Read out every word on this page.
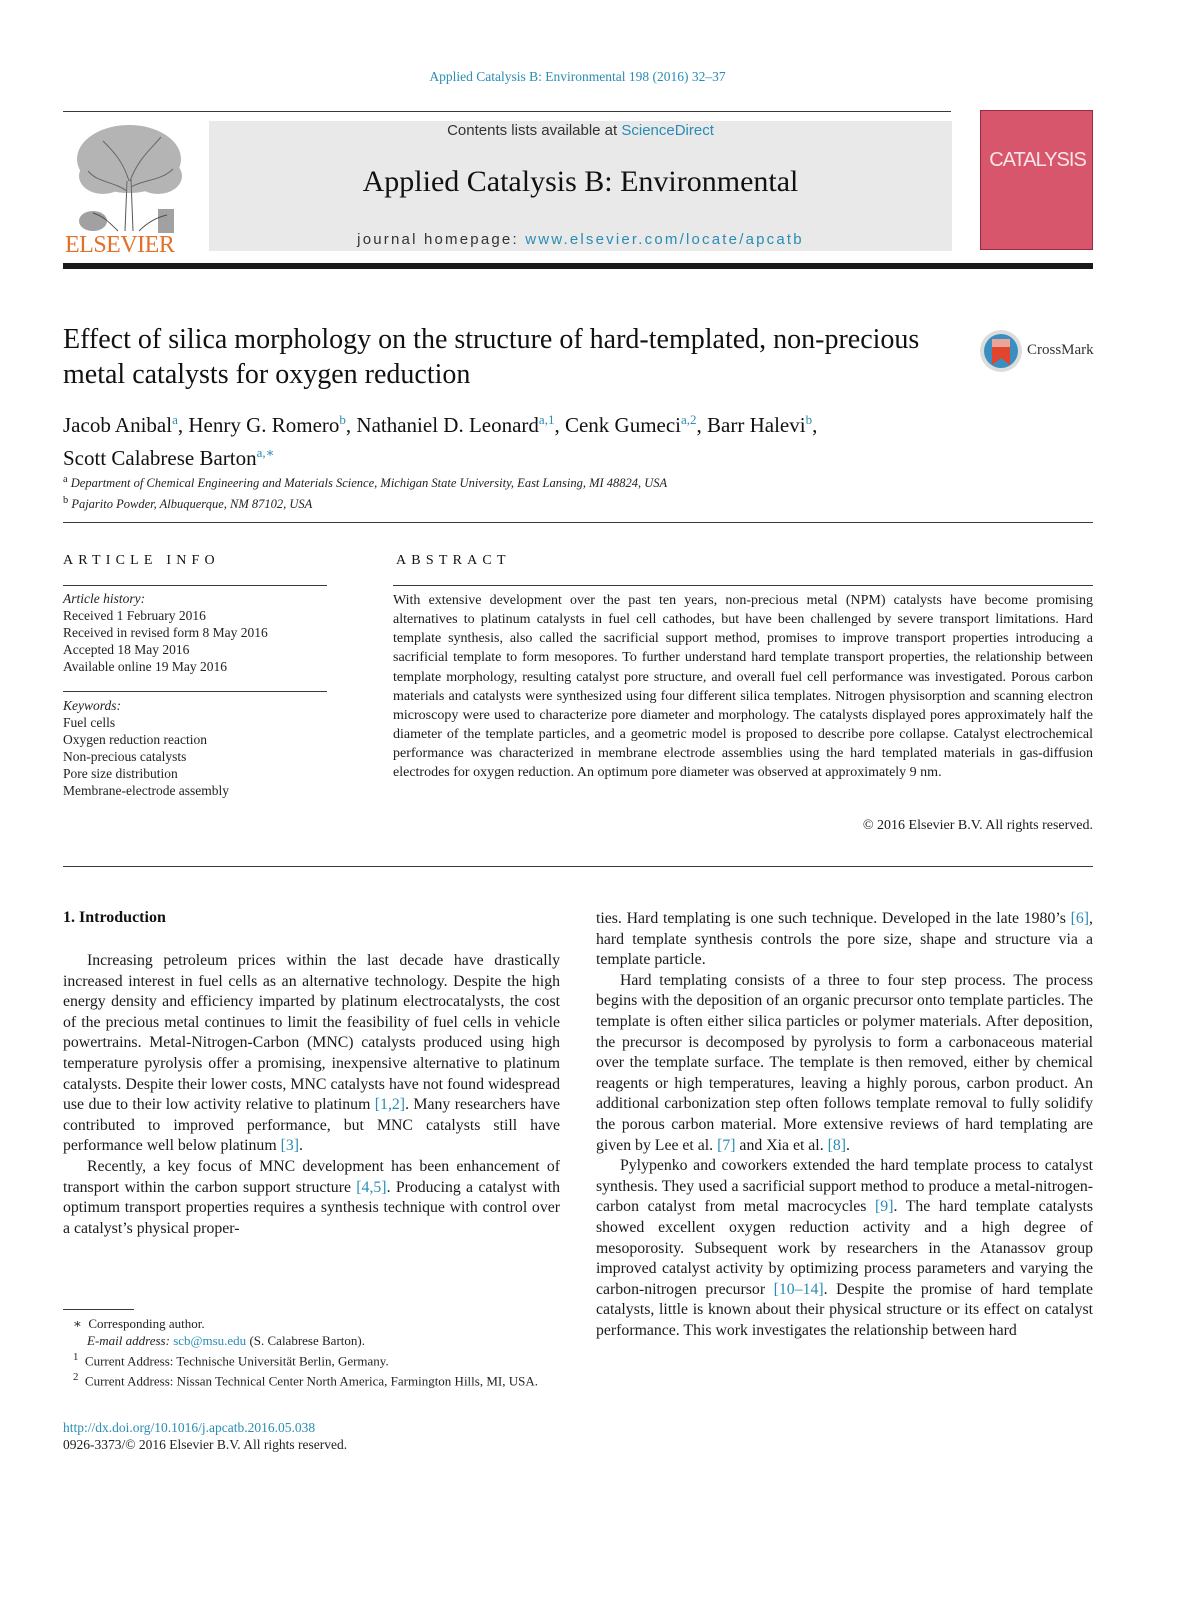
Applied Catalysis B: Environmental 198 (2016) 32–37
ELSEVIER
Contents lists available at ScienceDirect
Applied Catalysis B: Environmental
journal homepage: www.elsevier.com/locate/apcatb
CATALYSIS
Effect of silica morphology on the structure of hard-templated, non-precious metal catalysts for oxygen reduction
CrossMark
Jacob Anibal$^a$, Henry G. Romero$^b$, Nathaniel D. Leonard$^{a,1}$, Cenk Gumeci$^{a,2}$, Barr Halevi$^b$,
Scott Calabrese Barton$^{a,∗}$
$^a$ Department of Chemical Engineering and Materials Science, Michigan State University, East Lansing, MI 48824, USA
$^b$ Pajarito Powder, Albuquerque, NM 87102, USA
ARTICLE INFO
Article history:
Received 1 February 2016
Received in revised form 8 May 2016
Accepted 18 May 2016
Available online 19 May 2016
Keywords:
Fuel cells
Oxygen reduction reaction
Non-precious catalysts
Pore size distribution
Membrane-electrode assembly
ABSTRACT
With extensive development over the past ten years, non-precious metal (NPM) catalysts have become promising alternatives to platinum catalysts in fuel cell cathodes, but have been challenged by severe transport limitations. Hard template synthesis, also called the sacrificial support method, promises to improve transport properties introducing a sacrificial template to form mesopores. To further understand hard template transport properties, the relationship between template morphology, resulting catalyst pore structure, and overall fuel cell performance was investigated. Porous carbon materials and catalysts were synthesized using four different silica templates. Nitrogen physisorption and scanning electron microscopy were used to characterize pore diameter and morphology. The catalysts displayed pores approximately half the diameter of the template particles, and a geometric model is proposed to describe pore collapse. Catalyst electrochemical performance was characterized in membrane electrode assemblies using the hard templated materials in gas-diffusion electrodes for oxygen reduction. An optimum pore diameter was observed at approximately 9 nm.
© 2016 Elsevier B.V. All rights reserved.
1. Introduction

Increasing petroleum prices within the last decade have drastically increased interest in fuel cells as an alternative technology. Despite the high energy density and efficiency imparted by platinum electrocatalysts, the cost of the precious metal continues to limit the feasibility of fuel cells in vehicle powertrains. Metal-Nitrogen-Carbon (MNC) catalysts produced using high temperature pyrolysis offer a promising, inexpensive alternative to platinum catalysts. Despite their lower costs, MNC catalysts have not found widespread use due to their low activity relative to platinum [1,2]. Many researchers have contributed to improved performance, but MNC catalysts still have performance well below platinum [3].

Recently, a key focus of MNC development has been enhancement of transport within the carbon support structure [4,5]. Producing a catalyst with optimum transport properties requires a synthesis technique with control over a catalyst’s physical proper-

ties. Hard templating is one such technique. Developed in the late 1980’s [6], hard template synthesis controls the pore size, shape and structure via a template particle.

Hard templating consists of a three to four step process. The process begins with the deposition of an organic precursor onto template particles. The template is often either silica particles or polymer materials. After deposition, the precursor is decomposed by pyrolysis to form a carbonaceous material over the template surface. The template is then removed, either by chemical reagents or high temperatures, leaving a highly porous, carbon product. An additional carbonization step often follows template removal to fully solidify the porous carbon material. More extensive reviews of hard templating are given by Lee et al. [7] and Xia et al. [8].

Pylypenko and coworkers extended the hard template process to catalyst synthesis. They used a sacrificial support method to produce a metal-nitrogen-carbon catalyst from metal macrocycles [9]. The hard template catalysts showed excellent oxygen reduction activity and a high degree of mesoporosity. Subsequent work by researchers in the Atanassov group improved catalyst activity by optimizing process parameters and varying the carbon-nitrogen precursor [10–14]. Despite the promise of hard template catalysts, little is known about their physical structure or its effect on catalyst performance. This work investigates the relationship between hard

∗ Corresponding author.

E-mail address: scb@msu.edu (S. Calabrese Barton).

$^1$ Current Address: Technische Universität Berlin, Germany.

$^2$ Current Address: Nissan Technical Center North America, Farmington Hills, MI, USA.

http://dx.doi.org/10.1016/j.apcatb.2016.05.038
0926-3373/© 2016 Elsevier B.V. All rights reserved.
